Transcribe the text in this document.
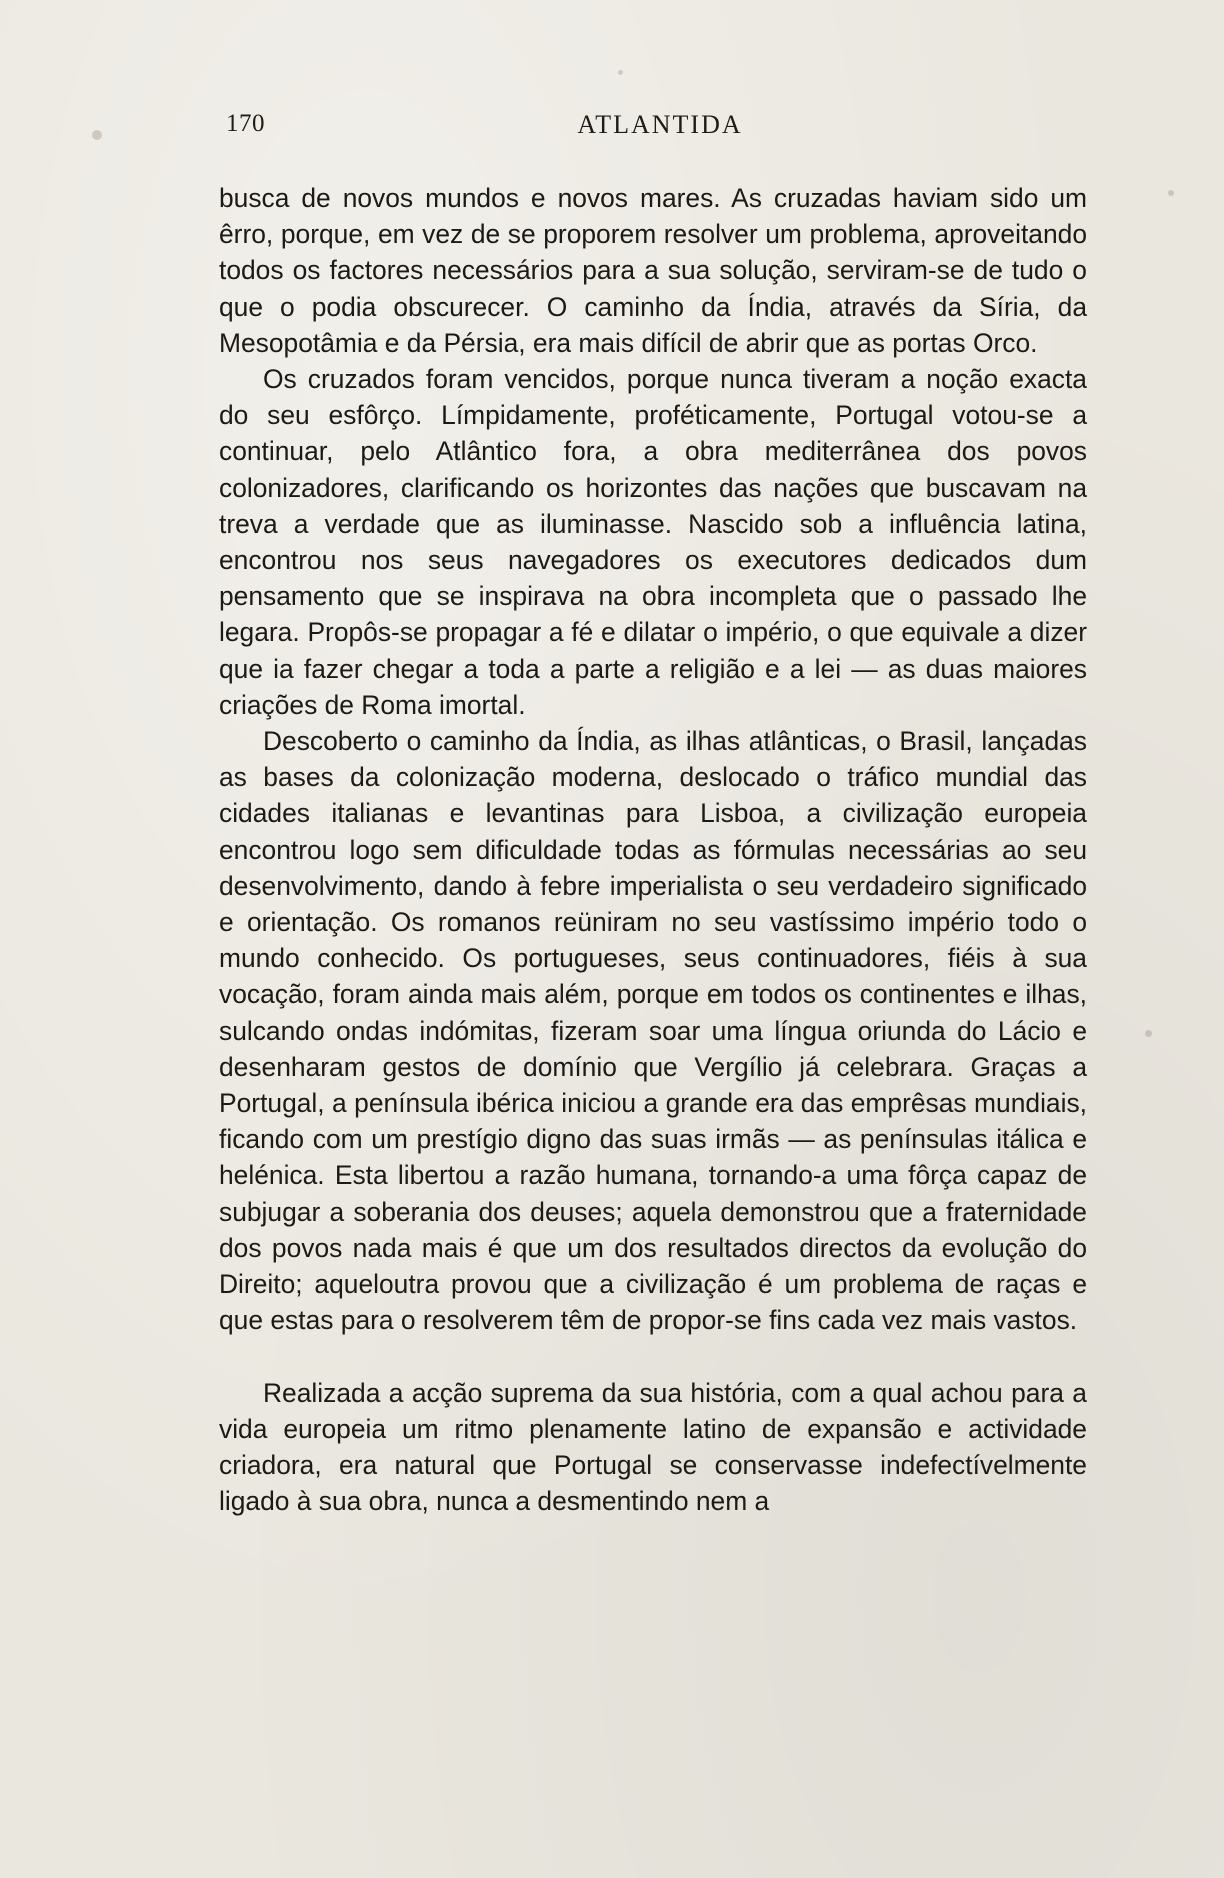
170	ATLANTIDA

busca de novos mundos e novos mares. As cruzadas haviam sido um êrro, porque, em vez de se proporem resolver um problema, aproveitando todos os factores necessários para a sua solução, serviram-se de tudo o que o podia obscurecer. O caminho da Índia, através da Síria, da Mesopotâmia e da Pérsia, era mais difícil de abrir que as portas Orco.

Os cruzados foram vencidos, porque nunca tiveram a noção exacta do seu esfôrço. Límpidamente, proféticamente, Portugal votou-se a continuar, pelo Atlântico fora, a obra mediterrânea dos povos colonizadores, clarificando os horizontes das nações que buscavam na treva a verdade que as iluminasse. Nascido sob a influência latina, encontrou nos seus navegadores os executores dedicados dum pensamento que se inspirava na obra incompleta que o passado lhe legara. Propôs-se propagar a fé e dilatar o império, o que equivale a dizer que ia fazer chegar a toda a parte a religião e a lei — as duas maiores criações de Roma imortal.

Descoberto o caminho da Índia, as ilhas atlânticas, o Brasil, lançadas as bases da colonização moderna, deslocado o tráfico mundial das cidades italianas e levantinas para Lisboa, a civilização europeia encontrou logo sem dificuldade todas as fórmulas necessárias ao seu desenvolvimento, dando à febre imperialista o seu verdadeiro significado e orientação. Os romanos reüniram no seu vastíssimo império todo o mundo conhecido. Os portugueses, seus continuadores, fiéis à sua vocação, foram ainda mais além, porque em todos os continentes e ilhas, sulcando ondas indómitas, fizeram soar uma língua oriunda do Lácio e desenharam gestos de domínio que Vergílio já celebrara. Graças a Portugal, a península ibérica iniciou a grande era das emprêsas mundiais, ficando com um prestígio digno das suas irmãs — as penínsulas itálica e helénica. Esta libertou a razão humana, tornando-a uma fôrça capaz de subjugar a soberania dos deuses; aquela demonstrou que a fraternidade dos povos nada mais é que um dos resultados directos da evolução do Direito; aqueloutra provou que a civilização é um problema de raças e que estas para o resolverem têm de propor-se fins cada vez mais vastos.

Realizada a acção suprema da sua história, com a qual achou para a vida europeia um ritmo plenamente latino de expansão e actividade criadora, era natural que Portugal se conservasse indefectívelmente ligado à sua obra, nunca a desmentindo nem a
